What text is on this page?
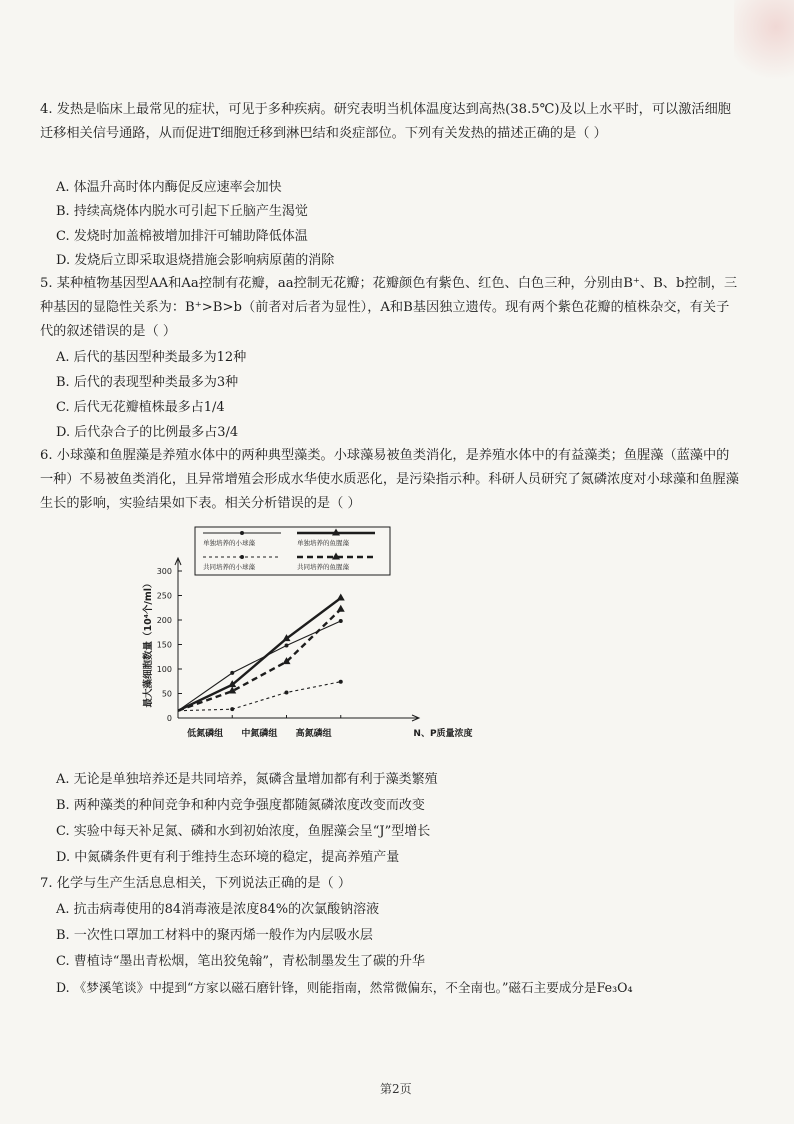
4. 发热是临床上最常见的症状，可见于多种疾病。研究表明当机体温度达到高热(38.5℃)及以上水平时，可以激活细胞迁移相关信号通路，从而促进T细胞迁移到淋巴结和炎症部位。下列有关发热的描述正确的是（ ）

A. 体温升高时体内酶促反应速率会加快
B. 持续高烧体内脱水可引起下丘脑产生渴觉
C. 发烧时加盖棉被增加排汗可辅助降低体温
D. 发烧后立即采取退烧措施会影响病原菌的消除

5. 某种植物基因型AA和Aa控制有花瓣，aa控制无花瓣；花瓣颜色有紫色、红色、白色三种，分别由B⁺、B、b控制，三种基因的显隐性关系为：B⁺>B>b（前者对后者为显性），A和B基因独立遗传。现有两个紫色花瓣的植株杂交，有关子代的叙述错误的是（ ）

A. 后代的基因型种类最多为12种
B. 后代的表现型种类最多为3种
C. 后代无花瓣植株最多占1/4
D. 后代杂合子的比例最多占3/4

6. 小球藻和鱼腥藻是养殖水体中的两种典型藻类。小球藻易被鱼类消化，是养殖水体中的有益藻类；鱼腥藻（蓝藻中的一种）不易被鱼类消化，且异常增殖会形成水华使水质恶化，是污染指示种。科研人员研究了氮磷浓度对小球藻和鱼腥藻生长的影响，实验结果如下表。相关分析错误的是（ ）

0
50
100
150
200
250
300
最大藻细胞数量（10⁴个/ml）
低氮磷组 中氮磷组 高氮磷组	N、P质量浓度
单独培养的小球藻	单独培养的鱼腥藻
共同培养的小球藻	共同培养的鱼腥藻
A. 无论是单独培养还是共同培养，氮磷含量增加都有利于藻类繁殖
B. 两种藻类的种间竞争和种内竞争强度都随氮磷浓度改变而改变
C. 实验中每天补足氮、磷和水到初始浓度，鱼腥藻会呈“J”型增长
D. 中氮磷条件更有利于维持生态环境的稳定，提高养殖产量

7. 化学与生产生活息息相关，下列说法正确的是（ ）

A. 抗击病毒使用的84消毒液是浓度84%的次氯酸钠溶液
B. 一次性口罩加工材料中的聚丙烯一般作为内层吸水层
C. 曹植诗“墨出青松烟，笔出狡兔翰”，青松制墨发生了碳的升华
D. 《梦溪笔谈》中提到“方家以磁石磨针锋，则能指南，然常微偏东，不全南也。”磁石主要成分是Fe₃O₄
第2页
